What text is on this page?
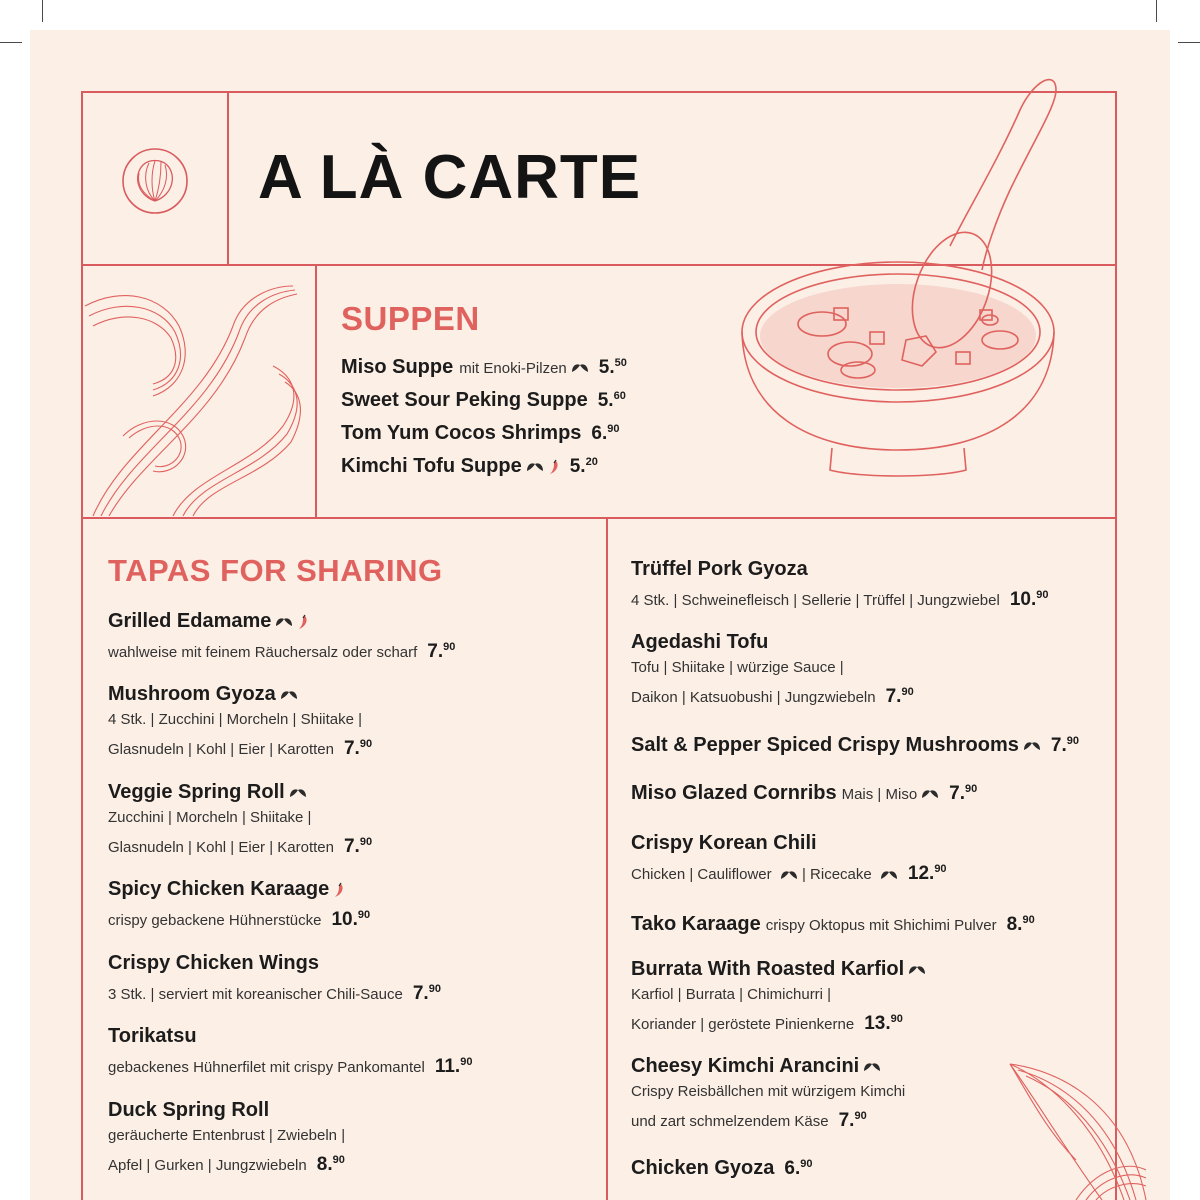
A LÀ CARTE
SUPPEN
Miso Suppe mit Enoki-Pilzen 5.50
Sweet Sour Peking Suppe 5.60
Tom Yum Cocos Shrimps 6.90
Kimchi Tofu Suppe	5.20
TAPAS FOR SHARING
Grilled Edamame
wahlweise mit feinem Räuchersalz oder scharf 7.90
Mushroom Gyoza
4 Stk. | Zucchini | Morcheln | Shiitake |
Glasnudeln | Kohl | Eier | Karotten 7.90
Veggie Spring Roll
Zucchini | Morcheln | Shiitake |
Glasnudeln | Kohl | Eier | Karotten 7.90
Spicy Chicken Karaage
crispy gebackene Hühnerstücke 10.90
Crispy Chicken Wings
3 Stk. | serviert mit koreanischer Chili-Sauce 7.90
Torikatsu
gebackenes Hühnerfilet mit crispy Pankomantel 11.90
Duck Spring Roll
geräucherte Entenbrust | Zwiebeln |
Apfel | Gurken | Jungzwiebeln 8.90
Trüffel Pork Gyoza
4 Stk. | Schweinefleisch | Sellerie | Trüffel | Jungzwiebel 10.90
Agedashi Tofu
Tofu | Shiitake | würzige Sauce |
Daikon | Katsuobushi | Jungzwiebeln 7.90
Salt & Pepper Spiced Crispy Mushrooms 7.90
Miso Glazed Cornribs Mais | Miso 7.90
Crispy Korean Chili
Chicken | Cauliflower
| Ricecake
12.90
Tako Karaage crispy Oktopus mit Shichimi Pulver 8.90
Burrata With Roasted Karfiol
Karfiol | Burrata | Chimichurri |
Koriander | geröstete Pinienkerne 13.90
Cheesy Kimchi Arancini
Crispy Reisbällchen mit würzigem Kimchi
und zart schmelzendem Käse 7.90
Chicken Gyoza 6.90
